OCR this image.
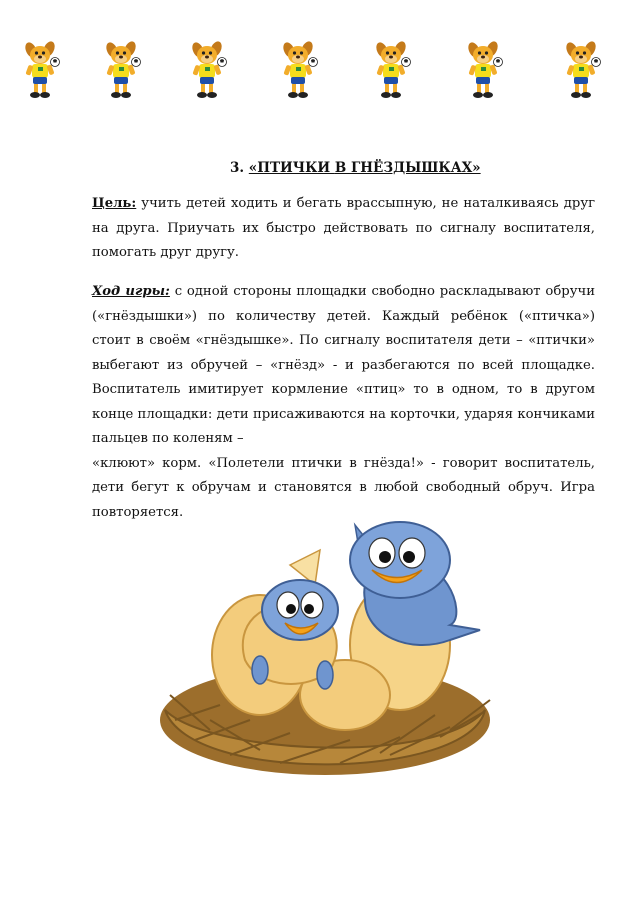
3. «ПТИЧКИ В ГНЁЗДЫШКАХ»
Цель: учить детей ходить и бегать врассыпную, не наталкиваясь друг на друга. Приучать их быстро действовать по сигналу воспитателя, помогать друг другу.
Ход игры: с одной стороны площадки свободно раскладывают обручи («гнёздышки») по количеству детей. Каждый ребёнок («птичка») стоит в своём «гнёздышке». По сигналу воспитателя дети – «птички» выбегают из обручей – «гнёзд» - и разбегаются по всей площадке. Воспитатель имитирует кормление «птиц» то в одном, то в другом конце площадки: дети присаживаются на корточки, ударяя кончиками пальцев по коленям –
«клюют» корм. «Полетели птички в гнёзда!» - говорит воспитатель, дети бегут к обручам и становятся в любой свободный обруч. Игра повторяется.
